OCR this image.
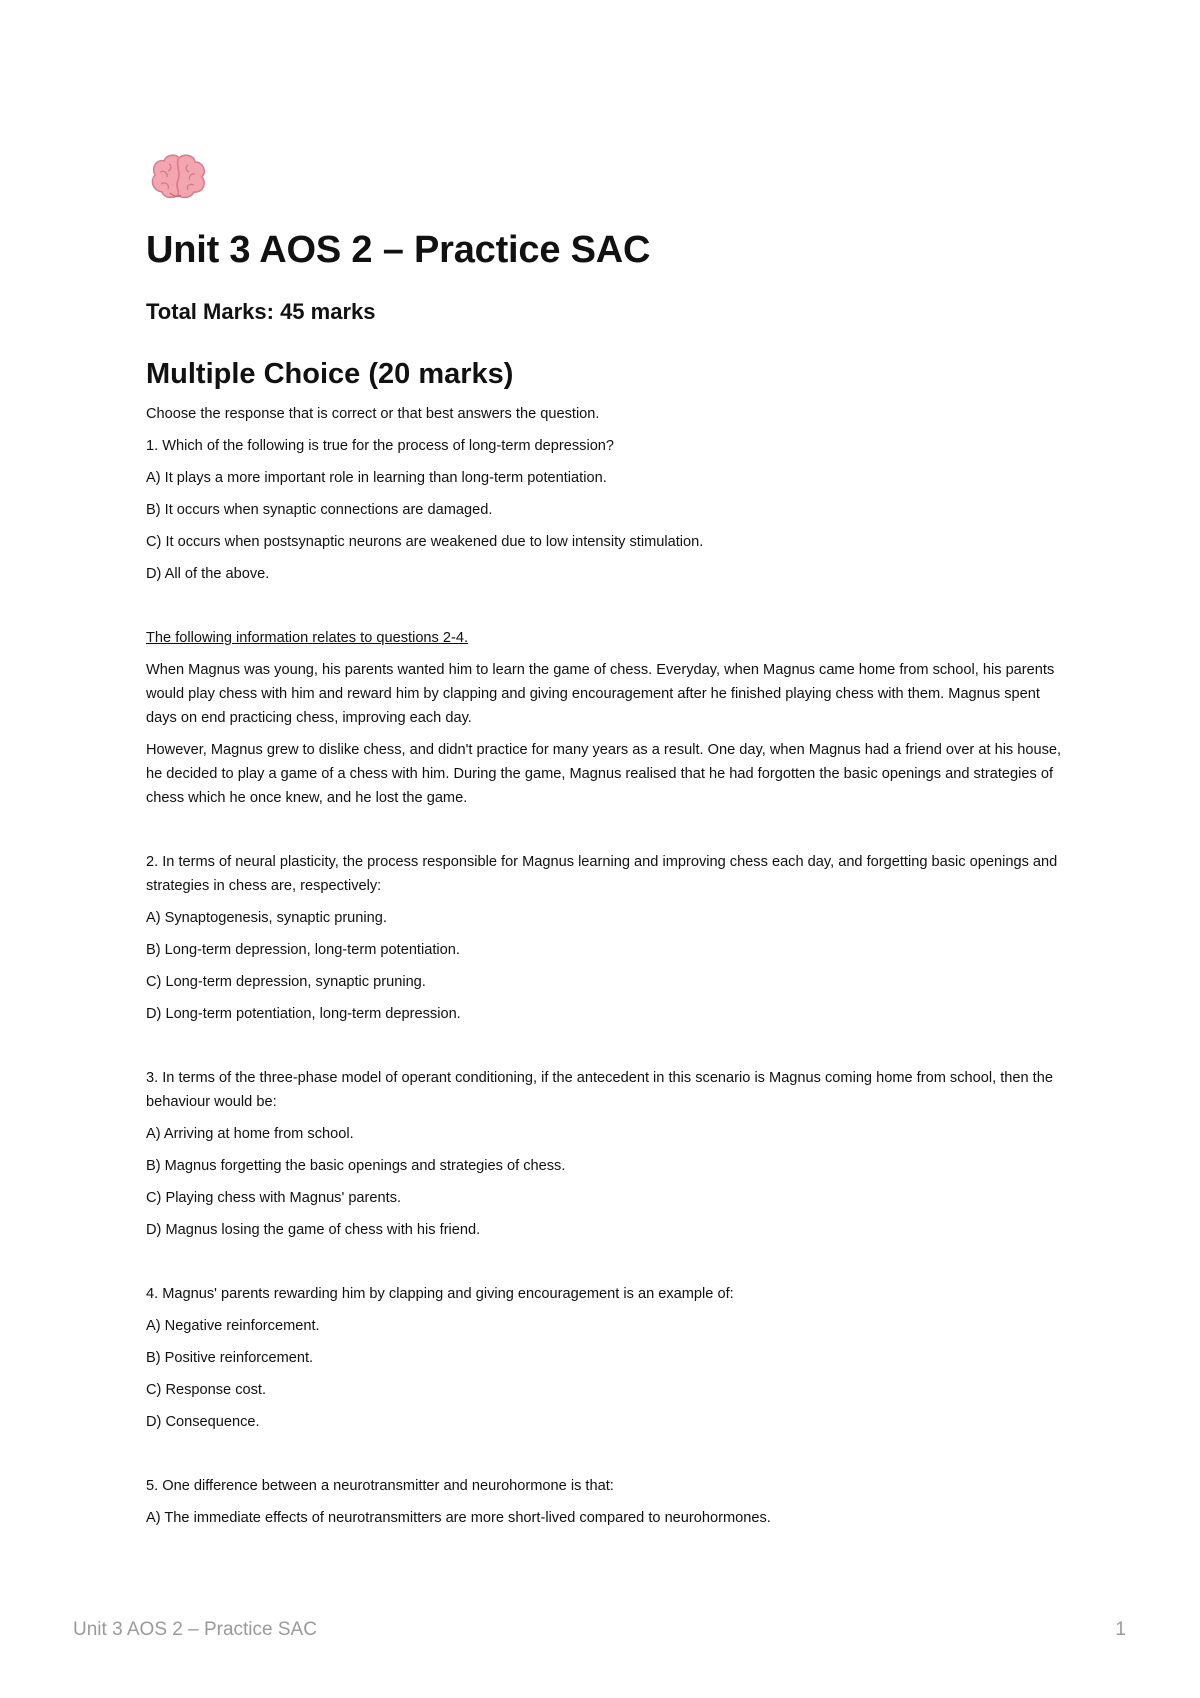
Unit 3 AOS 2 – Practice SAC
Total Marks: 45 marks
Multiple Choice (20 marks)

Choose the response that is correct or that best answers the question.

1. Which of the following is true for the process of long-term depression?

A) It plays a more important role in learning than long-term potentiation.

B) It occurs when synaptic connections are damaged.

C) It occurs when postsynaptic neurons are weakened due to low intensity stimulation.

D) All of the above.

The following information relates to questions 2-4.

When Magnus was young, his parents wanted him to learn the game of chess. Everyday, when Magnus came home from school, his parents would play chess with him and reward him by clapping and giving encouragement after he finished playing chess with them. Magnus spent days on end practicing chess, improving each day.

However, Magnus grew to dislike chess, and didn't practice for many years as a result. One day, when Magnus had a friend over at his house, he decided to play a game of a chess with him. During the game, Magnus realised that he had forgotten the basic openings and strategies of chess which he once knew, and he lost the game.

2. In terms of neural plasticity, the process responsible for Magnus learning and improving chess each day, and forgetting basic openings and strategies in chess are, respectively:

A) Synaptogenesis, synaptic pruning.

B) Long-term depression, long-term potentiation.

C) Long-term depression, synaptic pruning.

D) Long-term potentiation, long-term depression.

3. In terms of the three-phase model of operant conditioning, if the antecedent in this scenario is Magnus coming home from school, then the behaviour would be:

A) Arriving at home from school.

B) Magnus forgetting the basic openings and strategies of chess.

C) Playing chess with Magnus' parents.

D) Magnus losing the game of chess with his friend.

4. Magnus' parents rewarding him by clapping and giving encouragement is an example of:

A) Negative reinforcement.

B) Positive reinforcement.

C) Response cost.

D) Consequence.

5. One difference between a neurotransmitter and neurohormone is that:

A) The immediate effects of neurotransmitters are more short-lived compared to neurohormones.

Unit 3 AOS 2 – Practice SAC	1
